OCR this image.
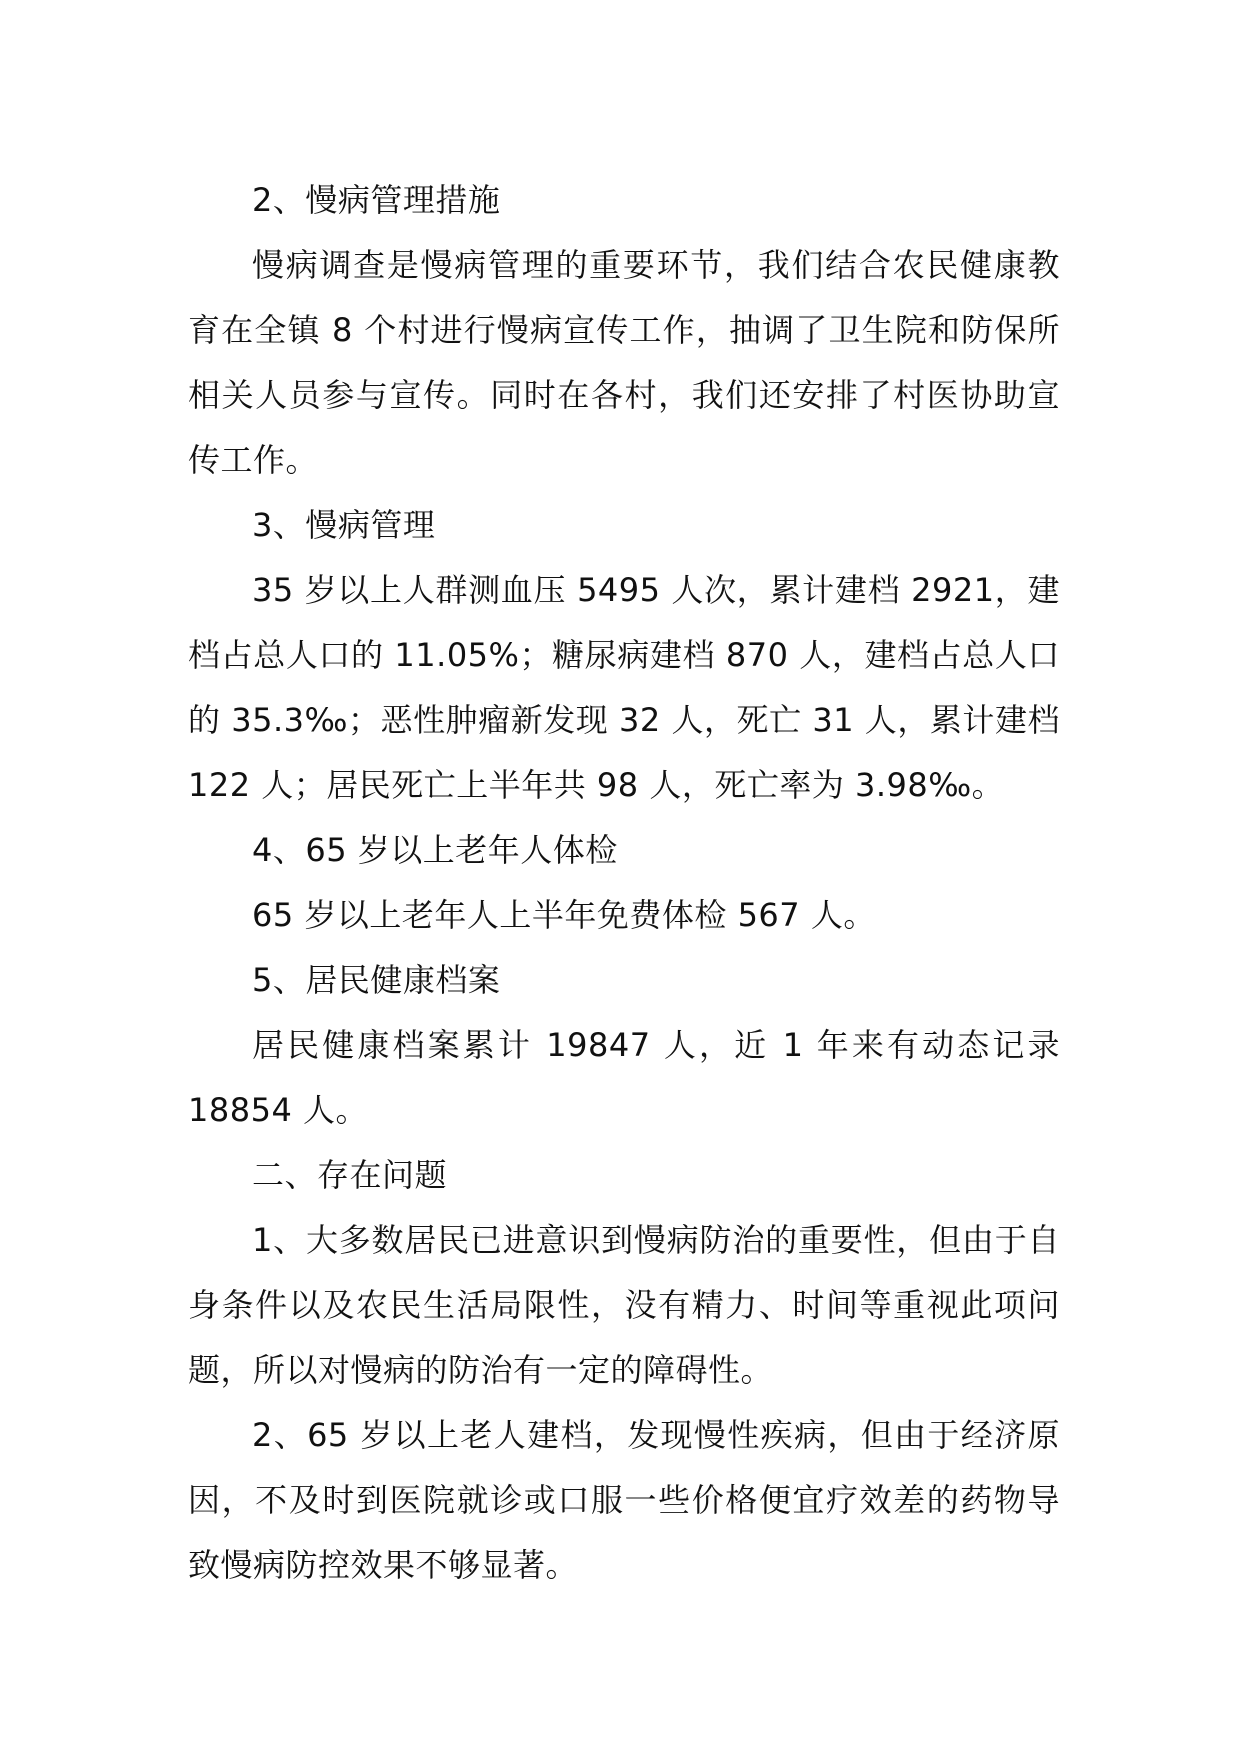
2、慢病管理措施

慢病调查是慢病管理的重要环节，我们结合农民健康教育在全镇 8 个村进行慢病宣传工作，抽调了卫生院和防保所相关人员参与宣传。同时在各村，我们还安排了村医协助宣传工作。

3、慢病管理

35 岁以上人群测血压 5495 人次，累计建档 2921，建档占总人口的 11.05%；糖尿病建档 870 人，建档占总人口的 35.3‰；恶性肿瘤新发现 32 人，死亡 31 人，累计建档 122 人；居民死亡上半年共 98 人，死亡率为 3.98‰。

4、65 岁以上老年人体检

65 岁以上老年人上半年免费体检 567 人。

5、居民健康档案

居民健康档案累计 19847 人，近 1 年来有动态记录 18854 人。

二、存在问题

1、大多数居民已进意识到慢病防治的重要性，但由于自身条件以及农民生活局限性，没有精力、时间等重视此项问题，所以对慢病的防治有一定的障碍性。

2、65 岁以上老人建档，发现慢性疾病，但由于经济原因，不及时到医院就诊或口服一些价格便宜疗效差的药物导致慢病防控效果不够显著。
